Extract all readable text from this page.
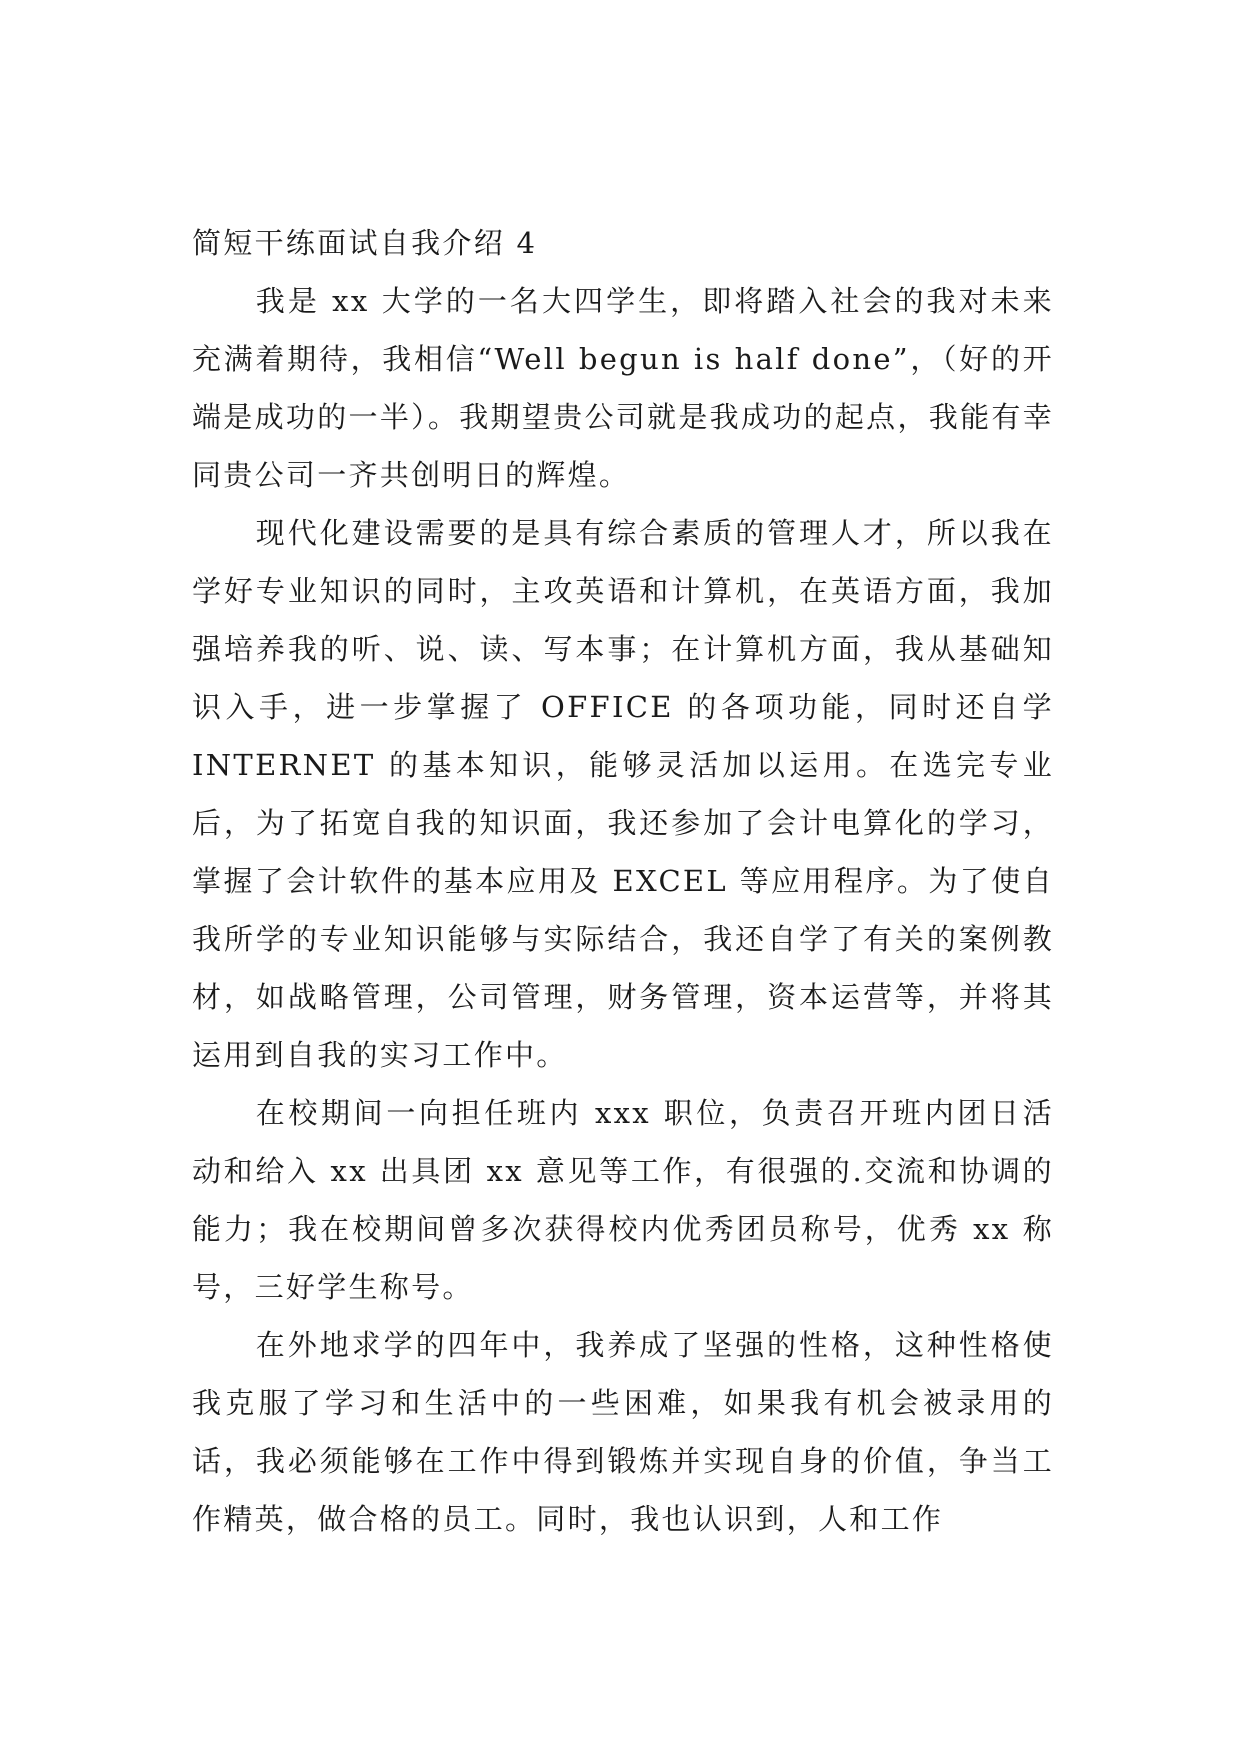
简短干练面试自我介绍 4

我是 xx 大学的一名大四学生，即将踏入社会的我对未来充满着期待，我相信“Well begun is half done”，（好的开端是成功的一半）。我期望贵公司就是我成功的起点，我能有幸同贵公司一齐共创明日的辉煌。

现代化建设需要的是具有综合素质的管理人才，所以我在学好专业知识的同时，主攻英语和计算机，在英语方面，我加强培养我的听、说、读、写本事；在计算机方面，我从基础知识入手，进一步掌握了 OFFICE 的各项功能，同时还自学 INTERNET 的基本知识，能够灵活加以运用。在选完专业后，为了拓宽自我的知识面，我还参加了会计电算化的学习，掌握了会计软件的基本应用及 EXCEL 等应用程序。为了使自我所学的专业知识能够与实际结合，我还自学了有关的案例教材，如战略管理，公司管理，财务管理，资本运营等，并将其运用到自我的实习工作中。

在校期间一向担任班内 xxx 职位，负责召开班内团日活动和给入 xx 出具团 xx 意见等工作，有很强的.交流和协调的能力；我在校期间曾多次获得校内优秀团员称号，优秀 xx 称号，三好学生称号。

在外地求学的四年中，我养成了坚强的性格，这种性格使我克服了学习和生活中的一些困难，如果我有机会被录用的话，我必须能够在工作中得到锻炼并实现自身的价值，争当工作精英，做合格的员工。同时，我也认识到，人和工作
